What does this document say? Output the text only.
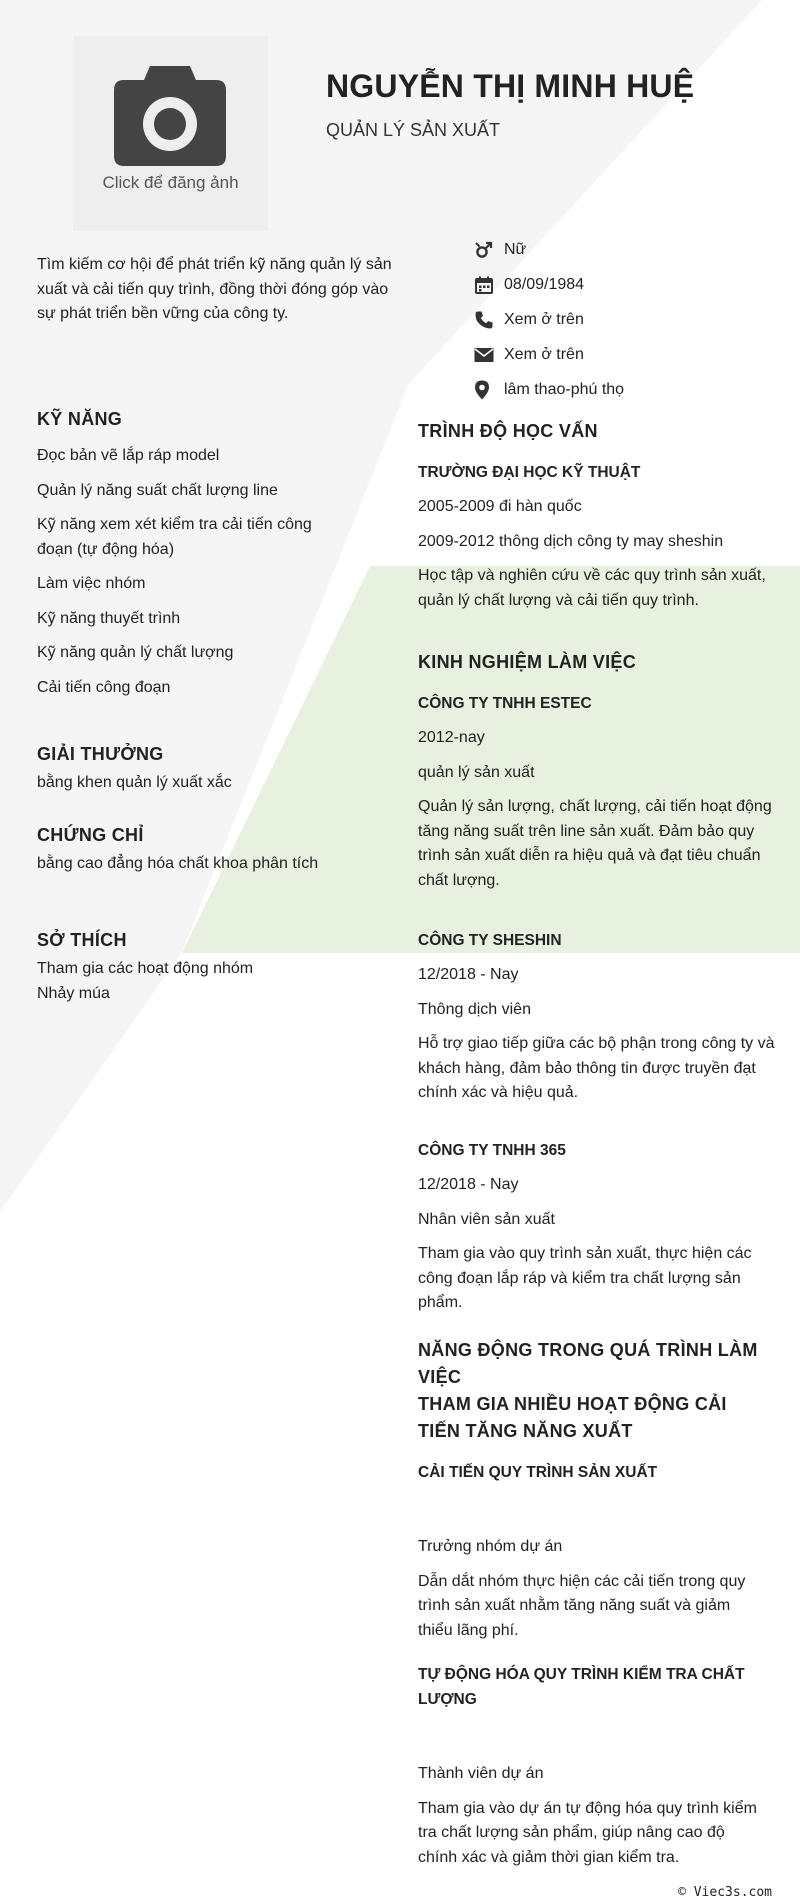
Click để đăng ảnh
NGUYỄN THỊ MINH HUỆ
QUẢN LÝ SẢN XUẤT
Tìm kiếm cơ hội để phát triển kỹ năng quản lý sản xuất và cải tiến quy trình, đồng thời đóng góp vào sự phát triển bền vững của công ty.
Nữ
08/09/1984
Xem ở trên
Xem ở trên
lâm thao-phú thọ
KỸ NĂNG
Đọc bản vẽ lắp ráp model
Quản lý năng suất chất lượng line
Kỹ năng xem xét kiểm tra cải tiến công đoạn (tự động hóa)
Làm việc nhóm
Kỹ năng thuyết trình
Kỹ năng quản lý chất lượng
Cải tiến công đoạn
GIẢI THƯỞNG
bằng khen quản lý xuất xắc
CHỨNG CHỈ
bằng cao đẳng hóa chất khoa phân tích
SỞ THÍCH
Tham gia các hoạt động nhóm
Nhảy múa
TRÌNH ĐỘ HỌC VẤN
TRƯỜNG ĐẠI HỌC KỸ THUẬT
2005-2009 đi hàn quốc
2009-2012 thông dịch công ty may sheshin
Học tập và nghiên cứu về các quy trình sản xuất, quản lý chất lượng và cải tiến quy trình.
KINH NGHIỆM LÀM VIỆC
CÔNG TY TNHH ESTEC
2012-nay
quản lý sản xuất
Quản lý sản lượng, chất lượng, cải tiến hoạt động tăng năng suất trên line sản xuất. Đảm bảo quy trình sản xuất diễn ra hiệu quả và đạt tiêu chuẩn chất lượng.
CÔNG TY SHESHIN
12/2018 - Nay
Thông dịch viên
Hỗ trợ giao tiếp giữa các bộ phận trong công ty và khách hàng, đảm bảo thông tin được truyền đạt chính xác và hiệu quả.
CÔNG TY TNHH 365
12/2018 - Nay
Nhân viên sản xuất
Tham gia vào quy trình sản xuất, thực hiện các công đoạn lắp ráp và kiểm tra chất lượng sản phẩm.
NĂNG ĐỘNG TRONG QUÁ TRÌNH LÀM VIỆC
THAM GIA NHIỀU HOẠT ĐỘNG CẢI TIẾN TĂNG NĂNG XUẤT
CẢI TIẾN QUY TRÌNH SẢN XUẤT
Trưởng nhóm dự án
Dẫn dắt nhóm thực hiện các cải tiến trong quy trình sản xuất nhằm tăng năng suất và giảm thiểu lãng phí.
TỰ ĐỘNG HÓA QUY TRÌNH KIỂM TRA CHẤT LƯỢNG
Thành viên dự án
Tham gia vào dự án tự động hóa quy trình kiểm tra chất lượng sản phẩm, giúp nâng cao độ chính xác và giảm thời gian kiểm tra.
© Viec3s.com
